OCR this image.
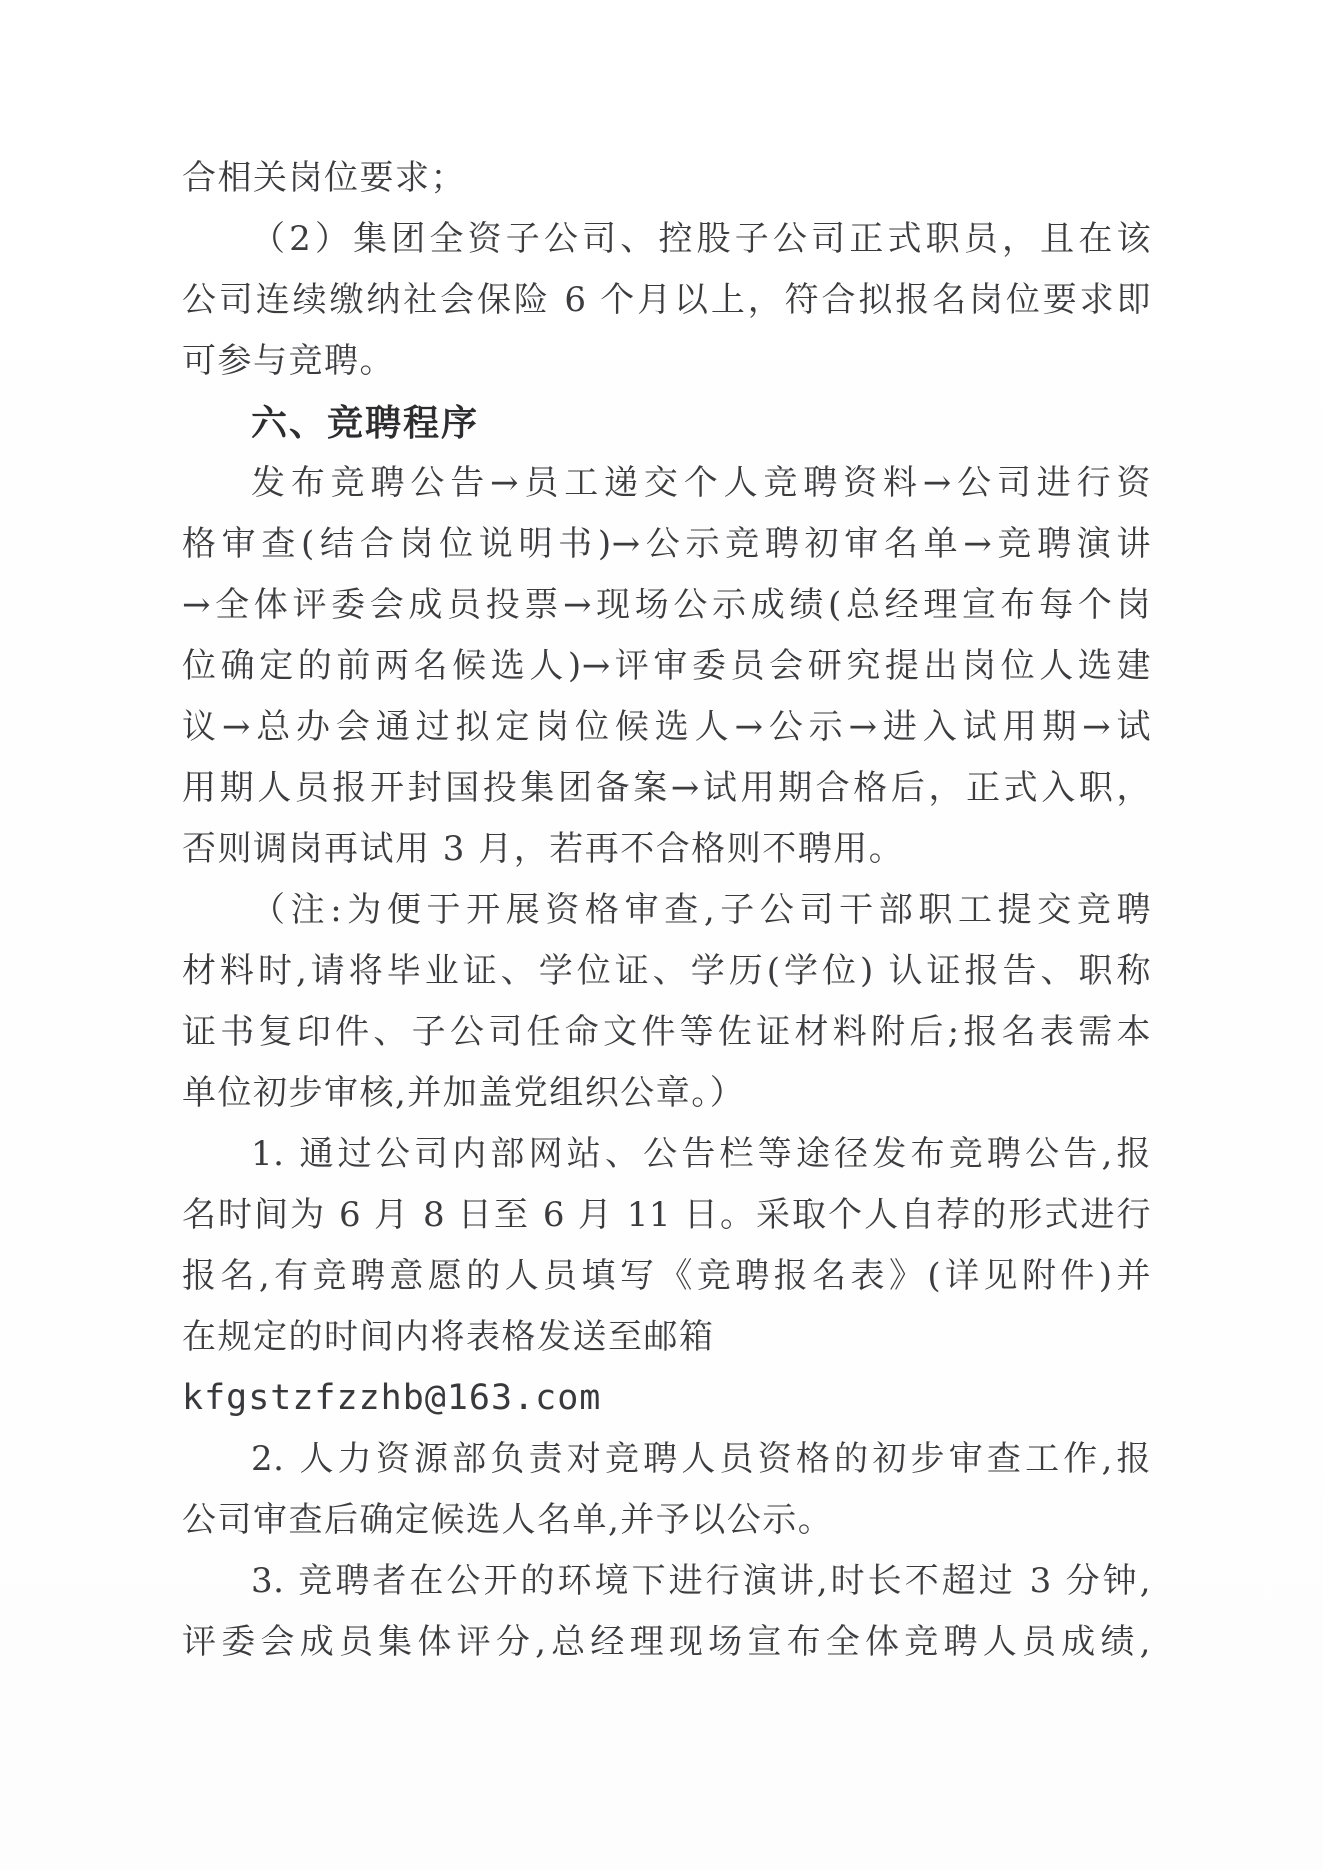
合相关岗位要求；
（2）集团全资子公司、控股子公司正式职员，且在该
公司连续缴纳社会保险 6 个月以上，符合拟报名岗位要求即
可参与竞聘。
六、竞聘程序
发布竞聘公告→员工递交个人竞聘资料→公司进行资
格审查(结合岗位说明书)→公示竞聘初审名单→竞聘演讲
→全体评委会成员投票→现场公示成绩(总经理宣布每个岗
位确定的前两名候选人)→评审委员会研究提出岗位人选建
议→总办会通过拟定岗位候选人→公示→进入试用期→试
用期人员报开封国投集团备案→试用期合格后，正式入职，
否则调岗再试用 3 月，若再不合格则不聘用。
（注:为便于开展资格审查,子公司干部职工提交竞聘
材料时,请将毕业证、学位证、学历(学位) 认证报告、职称
证书复印件、子公司任命文件等佐证材料附后;报名表需本
单位初步审核,并加盖党组织公章。）
1. 通过公司内部网站、公告栏等途径发布竞聘公告,报
名时间为 6 月 8 日至 6 月 11 日。采取个人自荐的形式进行
报名,有竞聘意愿的人员填写《竞聘报名表》(详见附件)并
在规定的时间内将表格发送至邮箱
kfgstzfzzhb@163.com
2. 人力资源部负责对竞聘人员资格的初步审查工作,报
公司审查后确定候选人名单,并予以公示。
3. 竞聘者在公开的环境下进行演讲,时长不超过 3 分钟,
评委会成员集体评分,总经理现场宣布全体竞聘人员成绩,
